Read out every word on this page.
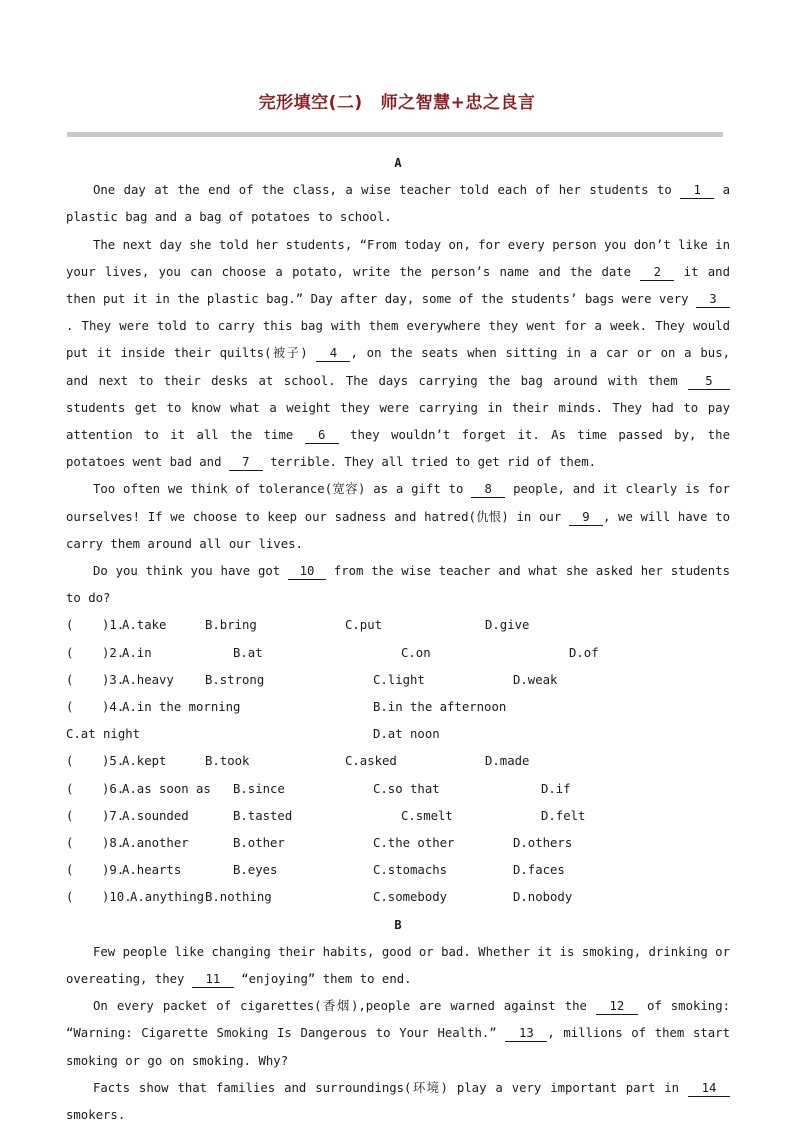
完形填空(二) 师之智慧+忠之良言
A

One day at the end of the class, a wise teacher told each of her students to 1 a plastic bag and a bag of potatoes to school.

The next day she told her students, “From today on, for every person you don’t like in your lives, you can choose a potato, write the person’s name and the date 2 it and then put it in the plastic bag.” Day after day, some of the students’ bags were very 3. They were told to carry this bag with them everywhere they went for a week. They would put it inside their quilts(被子) 4 , on the seats when sitting in a car or on a bus, and next to their desks at school. The days carrying the bag around with them 5 students get to know what a weight they were carrying in their minds. They had to pay attention to it all the time 6 they wouldn’t forget it. As time passed by, the potatoes went bad and 7 terrible. They all tried to get rid of them.

Too often we think of tolerance(宽容) as a gift to 8 people, and it clearly is for ourselves! If we choose to keep our sadness and hatred(仇恨) in our 9 , we will have to carry them around all our lives.

Do you think you have got 10 from the wise teacher and what she asked her students to do?

( )1.
A.take	B.bring	C.put	D.give
( )2.
A.in	B.at	C.on	D.of
( )3.
A.heavy	B.strong	C.light	D.weak
( )4.
A.in the morning	B.in the afternoon
C.at night	D.at noon
( )5.
A.kept	B.took	C.asked	D.made
( )6.
A.as soon as B.since	C.so that	D.if
( )7.
A.sounded	B.tasted	C.smelt	D.felt
( )8.
A.another	B.other	C.the other	D.others
( )9.
A.hearts	B.eyes	C.stomachs	D.faces
( )10.
A.anything B.nothing	C.somebody	D.nobody
B

Few people like changing their habits, good or bad. Whether it is smoking, drinking or overeating, they 11 “enjoying” them to end.

On every packet of cigarettes(香烟),people are warned against the 12 of smoking: “Warning: Cigarette Smoking Is Dangerous to Your Health.” 13 , millions of them start smoking or go on smoking. Why?

Facts show that families and surroundings(环境) play a very important part in 14 smokers.
